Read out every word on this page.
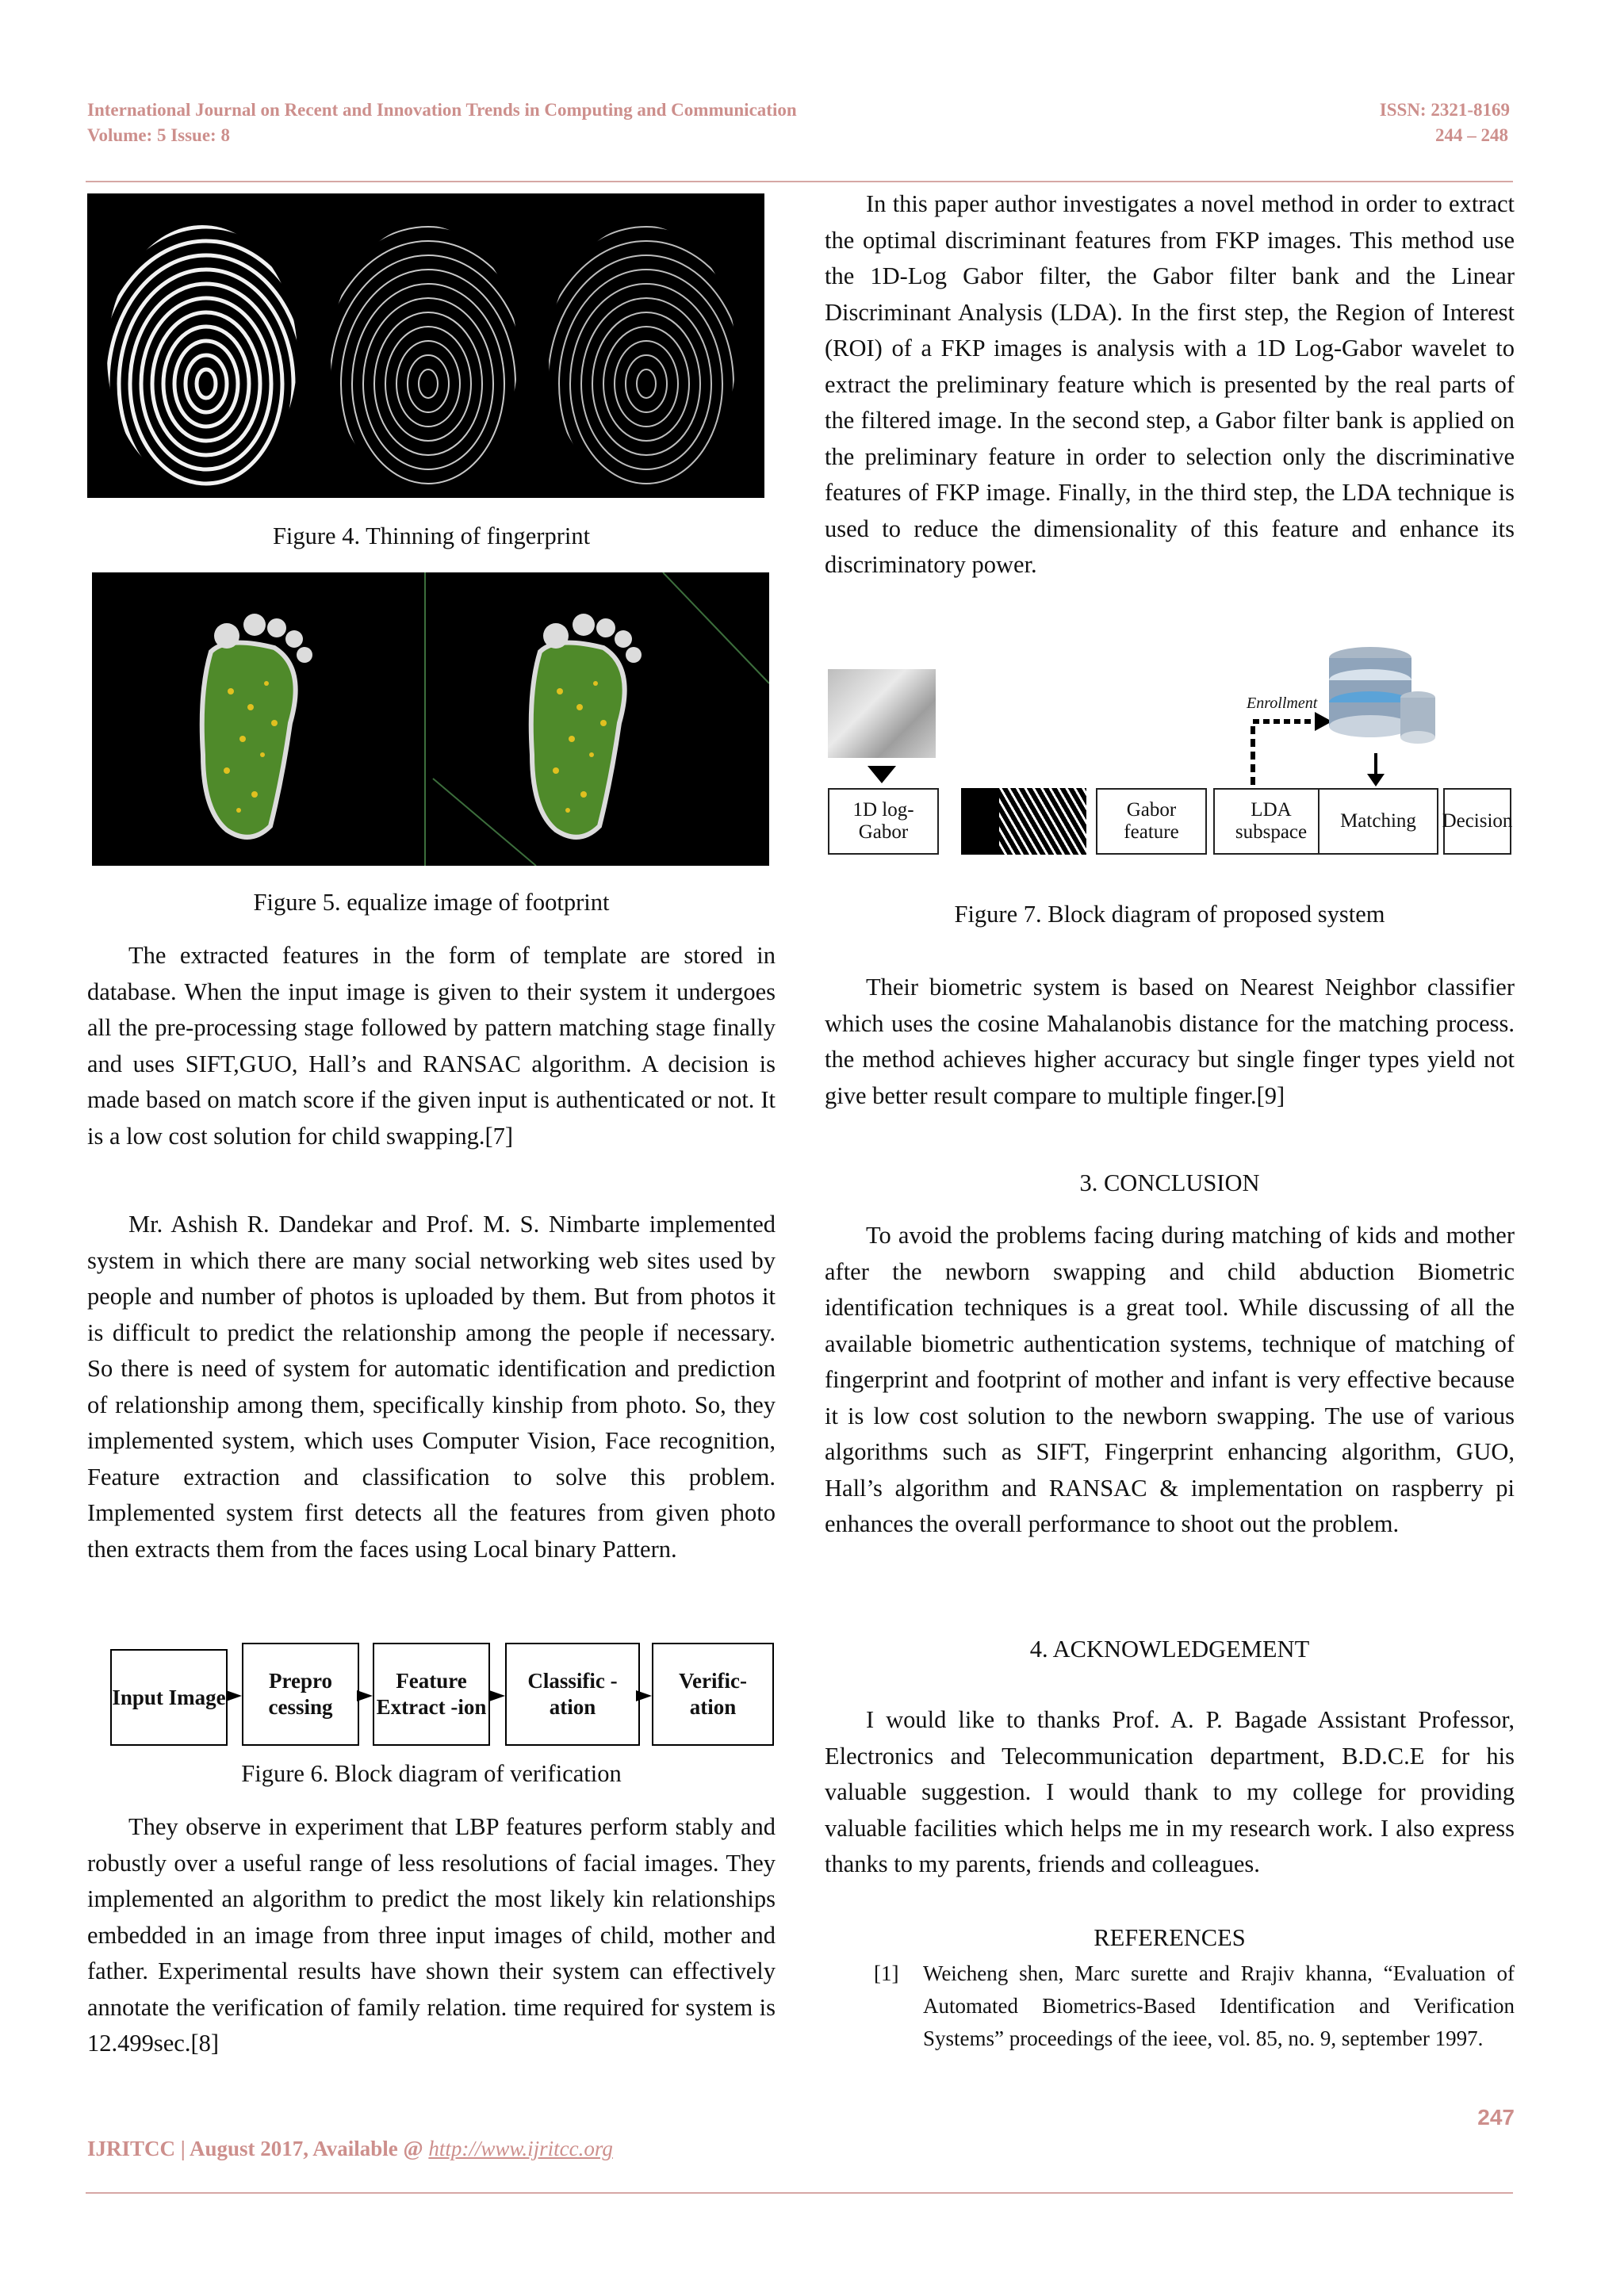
International Journal on Recent and Innovation Trends in Computing and Communication
Volume: 5 Issue: 8
ISSN: 2321-8169
244 – 248
Figure 4. Thinning of fingerprint
Figure 5. equalize image of footprint

The extracted features in the form of template are stored in database. When the input image is given to their system it undergoes all the pre-processing stage followed by pattern matching stage finally and uses SIFT,GUO, Hall’s and RANSAC algorithm. A decision is made based on match score if the given input is authenticated or not. It is a low cost solution for child swapping.[7]

Mr. Ashish R. Dandekar and Prof. M. S. Nimbarte implemented system in which there are many social networking web sites used by people and number of photos is uploaded by them. But from photos it is difficult to predict the relationship among the people if necessary. So there is need of system for automatic identification and prediction of relationship among them, specifically kinship from photo. So, they implemented system, which uses Computer Vision, Face recognition, Feature extraction and classification to solve this problem. Implemented system first detects all the features from given photo then extracts them from the faces using Local binary Pattern.

Input Image
Prepro cessing
Feature Extract -ion
Classific -ation
Verific- ation
Figure 6. Block diagram of verification

They observe in experiment that LBP features perform stably and robustly over a useful range of less resolutions of facial images. They implemented an algorithm to predict the most likely kin relationships embedded in an image from three input images of child, mother and father. Experimental results have shown their system can effectively annotate the verification of family relation. time required for system is 12.499sec.[8]

In this paper author investigates a novel method in order to extract the optimal discriminant features from FKP images. This method use the 1D-Log Gabor filter, the Gabor filter bank and the Linear Discriminant Analysis (LDA). In the first step, the Region of Interest (ROI) of a FKP images is analysis with a 1D Log-Gabor wavelet to extract the preliminary feature which is presented by the real parts of the filtered image. In the second step, a Gabor filter bank is applied on the preliminary feature in order to selection only the discriminative features of FKP image. Finally, in the third step, the LDA technique is used to reduce the dimensionality of this feature and enhance its discriminatory power.

1D log-Gabor
Gabor feature
LDA subspace
Matching	Decision
Enrollment
Figure 7. Block diagram of proposed system

Their biometric system is based on Nearest Neighbor classifier which uses the cosine Mahalanobis distance for the matching process. the method achieves higher accuracy but single finger types yield not give better result compare to multiple finger.[9]

3. CONCLUSION

To avoid the problems facing during matching of kids and mother after the newborn swapping and child abduction Biometric identification techniques is a great tool. While discussing of all the available biometric authentication systems, technique of matching of fingerprint and footprint of mother and infant is very effective because it is low cost solution to the newborn swapping. The use of various algorithms such as SIFT, Fingerprint enhancing algorithm, GUO, Hall’s algorithm and RANSAC & implementation on raspberry pi enhances the overall performance to shoot out the problem.

4. ACKNOWLEDGEMENT

I would like to thanks Prof. A. P. Bagade Assistant Professor, Electronics and Telecommunication department, B.D.C.E for his valuable suggestion. I would thank to my college for providing valuable facilities which helps me in my research work. I also express thanks to my parents, friends and colleagues.

REFERENCES
[1] Weicheng shen, Marc surette and Rrajiv khanna, “Evaluation of Automated Biometrics-Based Identification and Verification Systems” proceedings of the ieee, vol. 85, no. 9, september 1997.
247
IJRITCC | August 2017, Available @ http://www.ijritcc.org
